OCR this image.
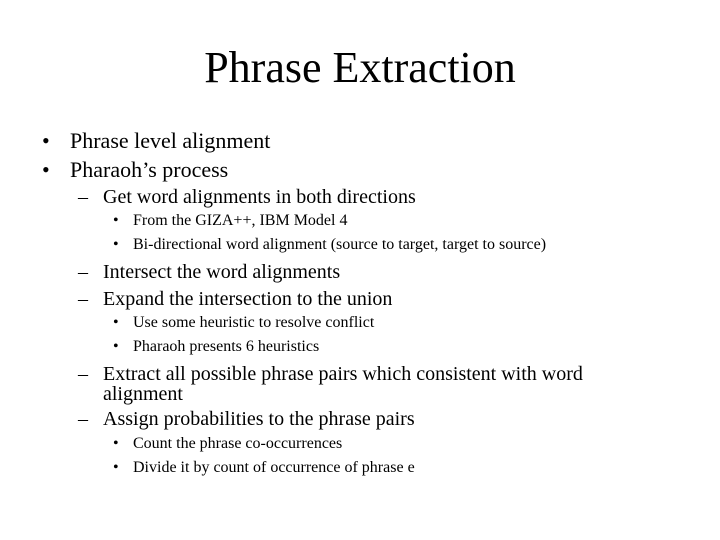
Phrase Extraction
• Phrase level alignment
• Pharaoh’s process
– Get word alignments in both directions
• From the GIZA++, IBM Model 4
• Bi-directional word alignment (source to target, target to source)
– Intersect the word alignments
– Expand the intersection to the union
• Use some heuristic to resolve conflict
• Pharaoh presents 6 heuristics
– Extract all possible phrase pairs which consistent with word
alignment
– Assign probabilities to the phrase pairs
• Count the phrase co-occurrences
• Divide it by count of occurrence of phrase e
